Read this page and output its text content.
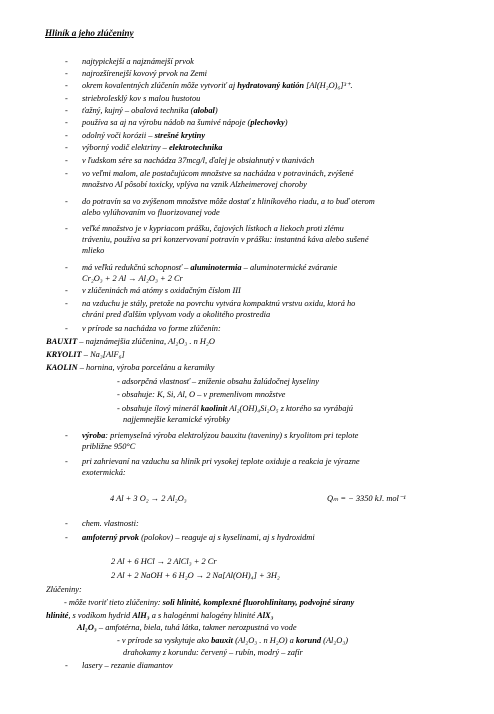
Hliník a jeho zlúčeniny
- najtypickejší a najznámejší prvok
- najrozšírenejší kovový prvok na Zemi
- okrem kovalentných zlúčenín môže vytvoriť aj hydratovaný katión [Al(H₂O)₆]³⁺.
- striebrolesklý kov s malou hustotou
- ťažný, kujný – obalová technika (alobal)
- používa sa aj na výrobu nádob na šumivé nápoje (plechovky)
- odolný voči korózii – strešné krytiny
- výborný vodič elektriny – elektrotechnika
- v ľudskom sére sa nachádza 37mcg/l, ďalej je obsiahnutý v tkanivách
- vo veľmi malom, ale postačujúcom množstve sa nachádza v potravinách, zvýšené
množstvo Al pôsobí toxicky, vplýva na vznik Alzheimerovej choroby
- do potravín sa vo zvýšenom množstve môže dostať z hliníkového riadu, a to buď oterom
alebo vylúhovaním vo fluorizovanej vode
- veľké množstvo je v kypriacom prášku, čajových lístkoch a liekoch proti zlému
tráveniu, používa sa pri konzervovaní potravín v prášku: instantná káva alebo sušené
mlieko
- má veľkú redukčnú schopnosť – aluminotermia – aluminotermické zváranie
Cr₂O₃ + 2 Al → Al₂O₃ + 2 Cr
- v zlúčeninách má atómy s oxidačným číslom III
- na vzduchu je stály, pretože na povrchu vytvára kompaktnú vrstvu oxidu, ktorá ho
chráni pred ďalším vplyvom vody a okolitého prostredia
- v prírode sa nachádza vo forme zlúčenín:
BAUXIT – najznámejšia zlúčenina, Al₂O₃ . n H₂O
KRYOLIT – Na₃[AlF₆]
KAOLIN – hornina, výroba porcelánu a keramiky
- adsorpčná vlastnosť – zníženie obsahu žalúdočnej kyseliny
- obsahuje: K, Si, Al, O – v premenlivom množstve
- obsahuje ílový minerál kaolinit Al₂(OH)₄Si₂O₅ z ktorého sa vyrábajú
najjemnejšie keramické výrobky
- výroba: priemyselná výroba elektrolýzou bauxitu (taveniny) s kryolitom pri teplote
približne 950°C
- pri zahrievaní na vzduchu sa hliník pri vysokej teplote oxiduje a reakcia je výrazne
exotermická:
4 Al + 3 O₂ → 2 Al₂O₃	Qₘ = − 3350 kJ. mol⁻¹
- chem. vlastnosti:
- amfoterný prvok (polokov) – reaguje aj s kyselinami, aj s hydroxidmi
2 Al + 6 HCl → 2 AlCl₃ + 2 Cr
2 Al + 2 NaOH + 6 H₂O → 2 Na[Al(OH)₄] + 3H₂
Zlúčeniny:
- môže tvoriť tieto zlúčeniny: soli hlinité, komplexné fluorohlinitany, podvojné sírany
hlinité, s vodíkom hydrid AlH₃ a s halogénmi halogény hlinité AlX₃
Al₂O₃ – amfotérna, biela, tuhá látka, takmer nerozpustná vo vode
- v prírode sa vyskytuje ako bauxit (Al₂O₃ . n H₂O) a korund (Al₂O₃)
drahokamy z korundu: červený – rubín, modrý – zafír
- lasery – rezanie diamantov
